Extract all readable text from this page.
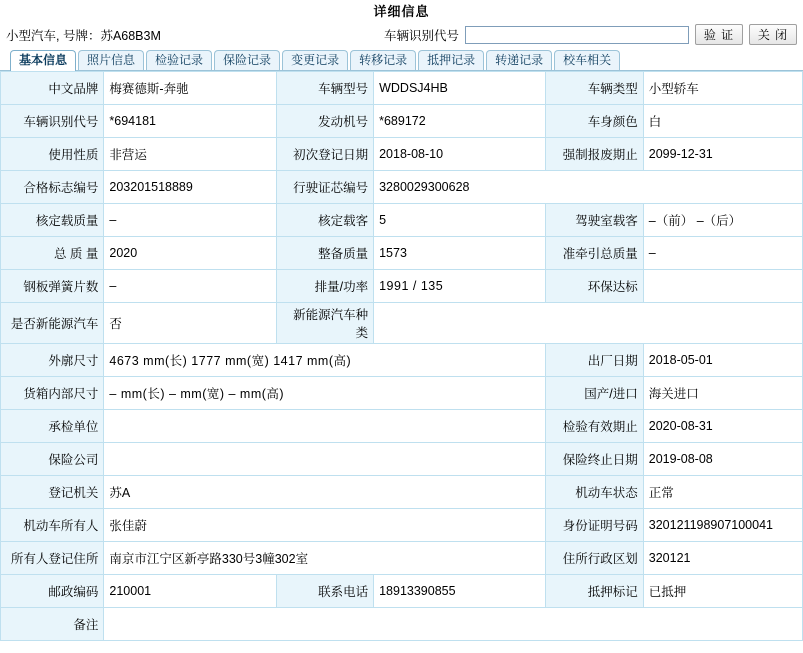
详细信息
小型汽车, 号牌：苏A68B3M	车辆识别代号	验 证	关 闭
基本信息	照片信息	检验记录	保险记录	变更记录	转移记录	抵押记录	转递记录	校车相关
中文品牌	梅赛德斯-奔驰	车辆型号	WDDSJ4HB	车辆类型	小型轿车
车辆识别代号	*694181	发动机号	*689172	车身颜色	白
使用性质	非营运	初次登记日期	2018-08-10	强制报废期止	2099-12-31
合格标志编号	203201518889	行驶证芯编号	3280029300628		
核定载质量	–	核定载客	5	驾驶室载客	–（前） –（后）
总 质 量	2020	整备质量	1573	准牵引总质量	–
钢板弹簧片数	–	排量/功率	1991 / 135	环保达标	
是否新能源汽车	否	新能源汽车种类			
外廓尺寸	4673 mm(长) 1777 mm(宽) 1417 mm(高)			出厂日期	2018-05-01
货箱内部尺寸	– mm(长) – mm(宽) – mm(高)			国产/进口	海关进口
承检单位				检验有效期止	2020-08-31
保险公司				保险终止日期	2019-08-08
登记机关	苏A			机动车状态	正常
机动车所有人	张佳蔚			身份证明号码	320121198907100041
所有人登记住所	南京市江宁区新亭路330号3幢302室			住所行政区划	320121
邮政编码	210001	联系电话	18913390855	抵押标记	已抵押
备注					
